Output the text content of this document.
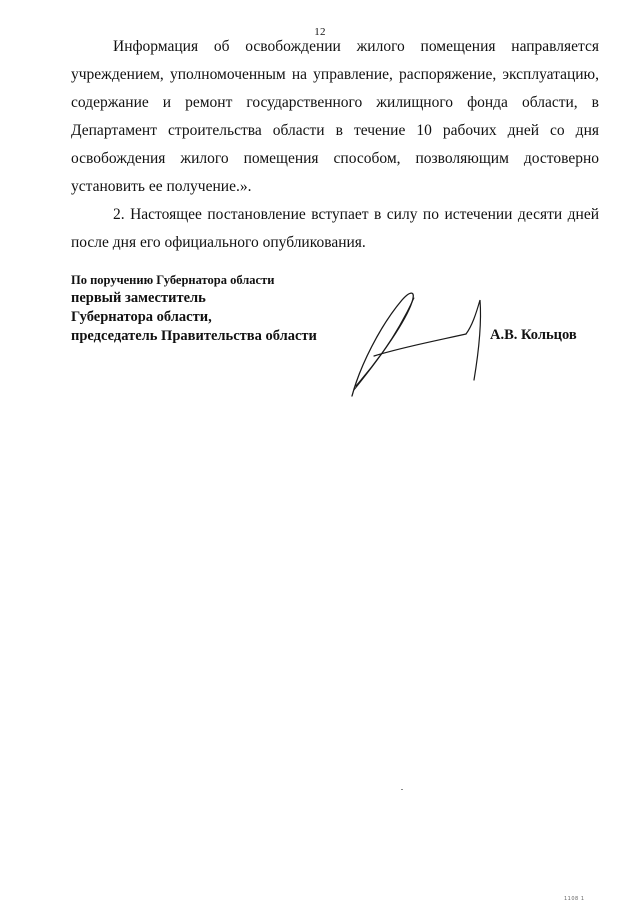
12
Информация об освобождении жилого помещения направляется
учреждением, уполномоченным на управление, распоряжение, эксплуатацию,
содержание и ремонт государственного жилищного фонда области, в
Департамент строительства области в течение 10 рабочих дней со дня
освобождения жилого помещения способом, позволяющим достоверно
установить ее получение.».
2. Настоящее постановление вступает в силу по истечении десяти дней
после дня его официального опубликования.
По поручению Губернатора области
первый заместитель
Губернатора области,
председатель Правительства области	А.В. Кольцов
1108 1
